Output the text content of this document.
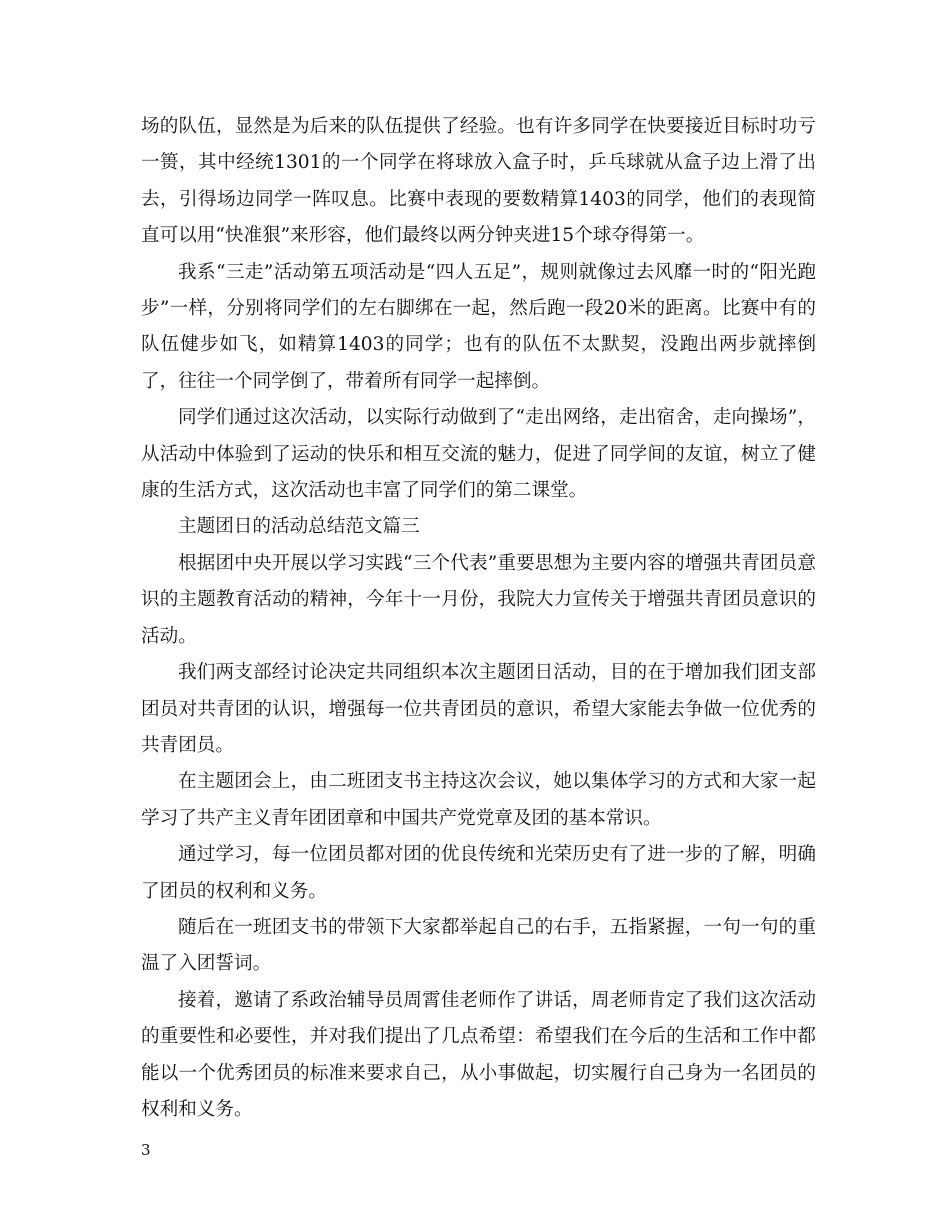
场的队伍，显然是为后来的队伍提供了经验。也有许多同学在快要接近目标时功亏一篑，其中经统1301的一个同学在将球放入盒子时，乒乓球就从盒子边上滑了出去，引得场边同学一阵叹息。比赛中表现的要数精算1403的同学，他们的表现简直可以用“快准狠”来形容，他们最终以两分钟夹进15个球夺得第一。

我系“三走”活动第五项活动是“四人五足”，规则就像过去风靡一时的“阳光跑步”一样，分别将同学们的左右脚绑在一起，然后跑一段20米的距离。比赛中有的队伍健步如飞，如精算1403的同学；也有的队伍不太默契，没跑出两步就摔倒了，往往一个同学倒了，带着所有同学一起摔倒。

同学们通过这次活动，以实际行动做到了“走出网络，走出宿舍，走向操场”，从活动中体验到了运动的快乐和相互交流的魅力，促进了同学间的友谊，树立了健康的生活方式，这次活动也丰富了同学们的第二课堂。

主题团日的活动总结范文篇三

根据团中央开展以学习实践“三个代表”重要思想为主要内容的增强共青团员意识的主题教育活动的精神，今年十一月份，我院大力宣传关于增强共青团员意识的活动。

我们两支部经讨论决定共同组织本次主题团日活动，目的在于增加我们团支部团员对共青团的认识，增强每一位共青团员的意识，希望大家能去争做一位优秀的共青团员。

在主题团会上，由二班团支书主持这次会议，她以集体学习的方式和大家一起学习了共产主义青年团团章和中国共产党党章及团的基本常识。

通过学习，每一位团员都对团的优良传统和光荣历史有了进一步的了解，明确了团员的权利和义务。

随后在一班团支书的带领下大家都举起自己的右手，五指紧握，一句一句的重温了入团誓词。

接着，邀请了系政治辅导员周霄佳老师作了讲话，周老师肯定了我们这次活动的重要性和必要性，并对我们提出了几点希望：希望我们在今后的生活和工作中都能以一个优秀团员的标准来要求自己，从小事做起，切实履行自己身为一名团员的权利和义务。

3
